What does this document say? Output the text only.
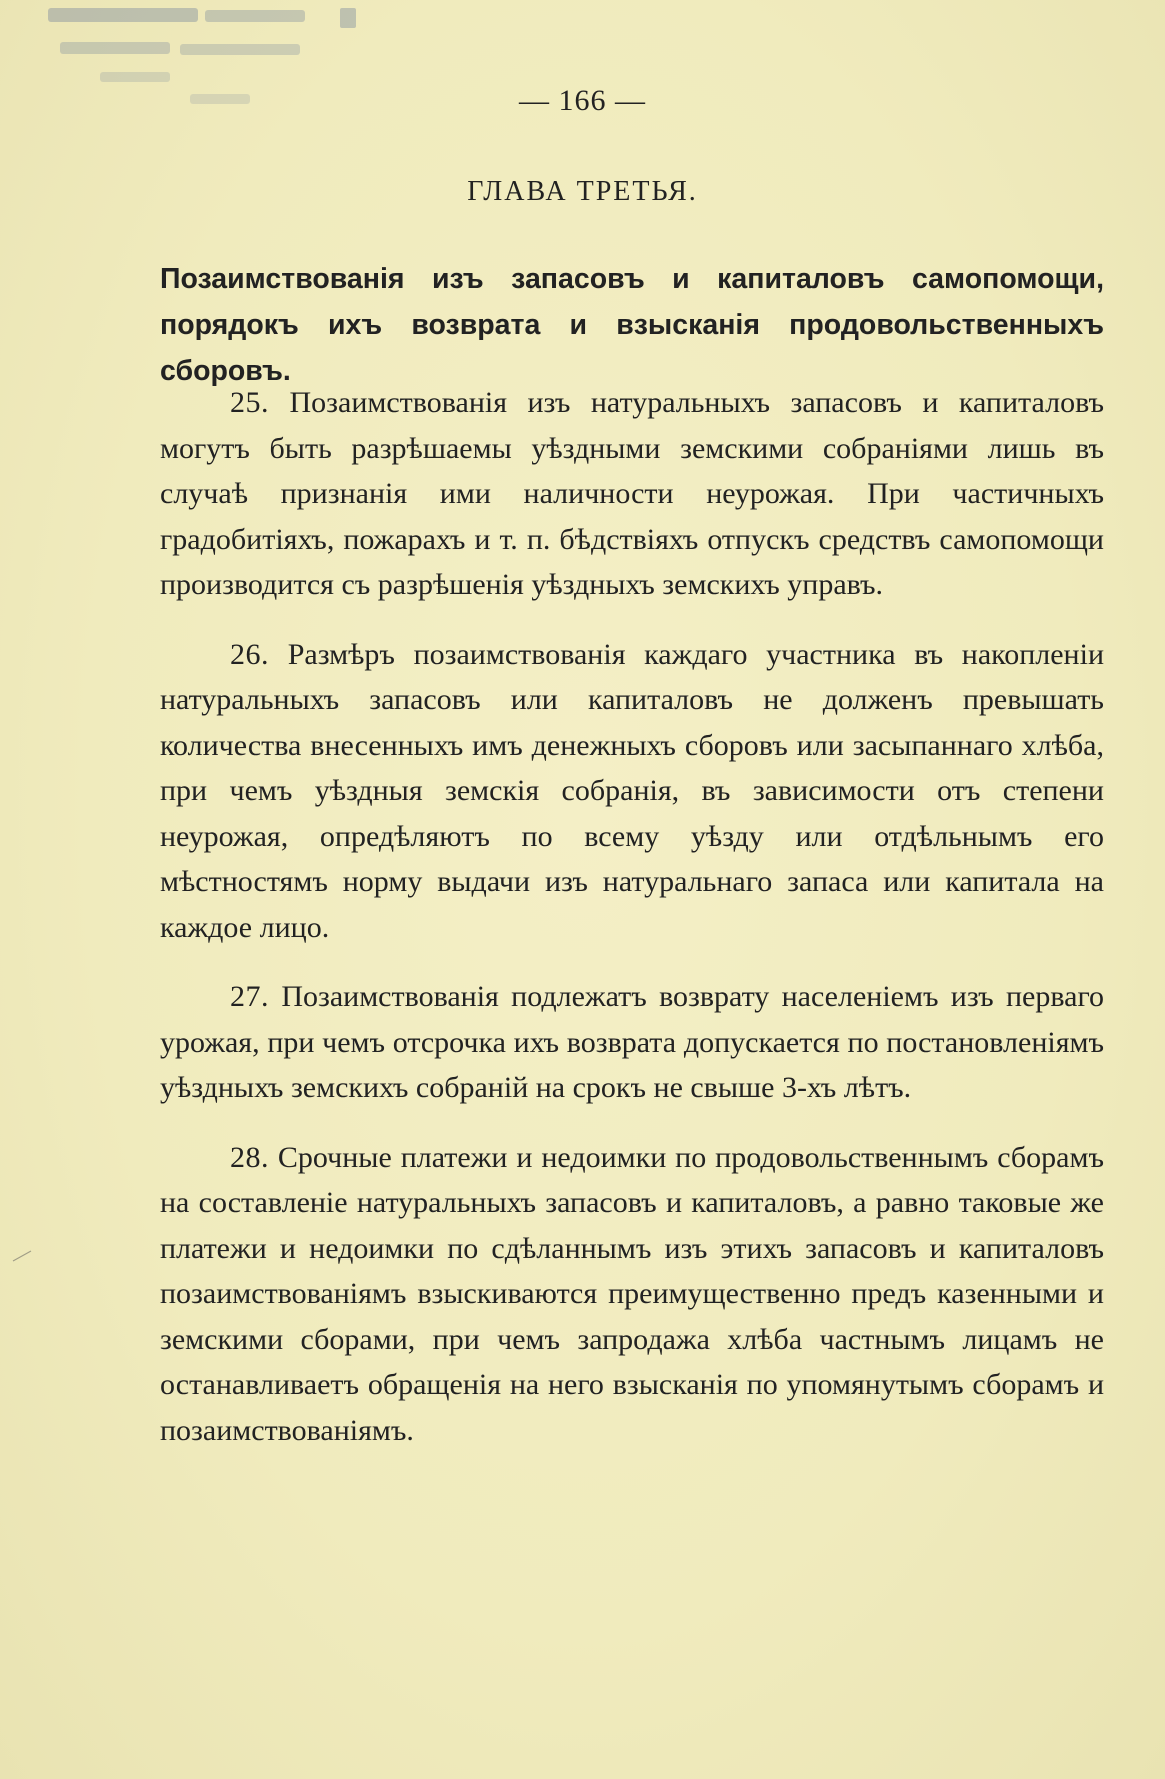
— 166 —
ГЛАВА ТРЕТЬЯ.
Позаимствованія изъ запасовъ и капиталовъ самопомощи, порядокъ ихъ возврата и взысканія продовольственныхъ сборовъ.

25. Позаимствованія изъ натуральныхъ запасовъ и капиталовъ могутъ быть разрѣшаемы уѣздными земскими собраніями лишь въ случаѣ признанія ими наличности неурожая. При частичныхъ градобитіяхъ, пожарахъ и т. п. бѣдствіяхъ отпускъ средствъ самопомощи производится съ разрѣшенія уѣздныхъ земскихъ управъ.

26. Размѣръ позаимствованія каждаго участника въ накопленіи натуральныхъ запасовъ или капиталовъ не долженъ превышать количества внесенныхъ имъ денежныхъ сборовъ или засыпаннаго хлѣба, при чемъ уѣздныя земскія собранія, въ зависимости отъ степени неурожая, опредѣляютъ по всему уѣзду или отдѣльнымъ его мѣстностямъ норму выдачи изъ натуральнаго запаса или капитала на каждое лицо.

27. Позаимствованія подлежатъ возврату населеніемъ изъ перваго урожая, при чемъ отсрочка ихъ возврата допускается по постановленіямъ уѣздныхъ земскихъ собраній на срокъ не свыше 3-хъ лѣтъ.

28. Срочные платежи и недоимки по продовольственнымъ сборамъ на составленіе натуральныхъ запасовъ и капиталовъ, а равно таковые же платежи и недоимки по сдѣланнымъ изъ этихъ запасовъ и капиталовъ позаимствованіямъ взыскиваются преимущественно предъ казенными и земскими сборами, при чемъ запродажа хлѣба частнымъ лицамъ не останавливаетъ обращенія на него взысканія по упомянутымъ сборамъ и позаимствованіямъ.
